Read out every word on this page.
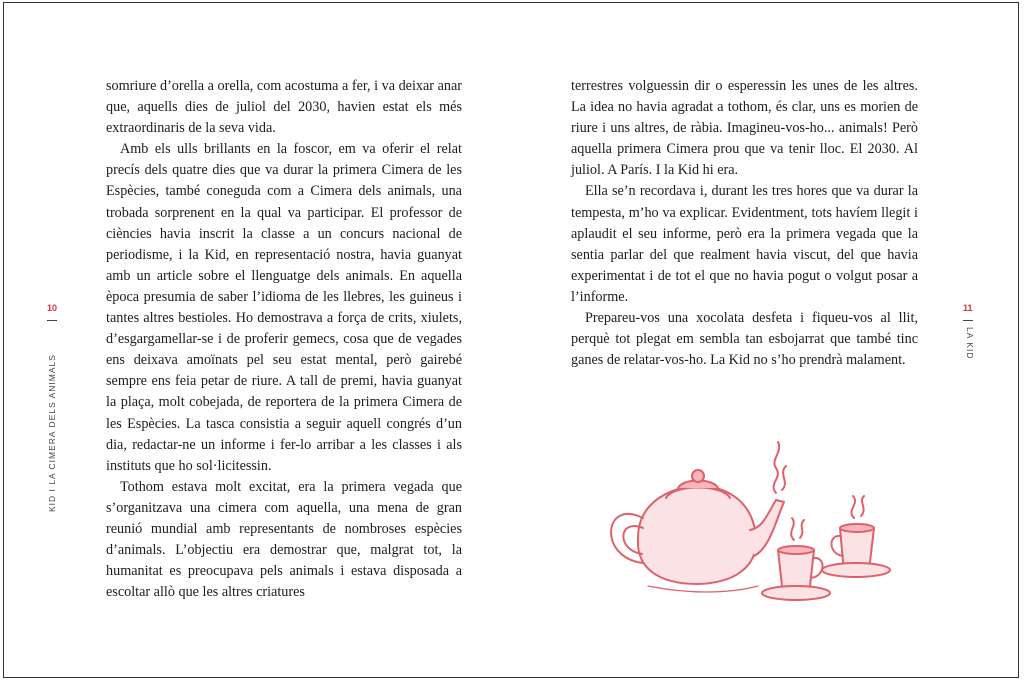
somriure d’orella a orella, com acostuma a fer, i va deixar anar que, aquells dies de juliol del 2030, havien estat els més extraordinaris de la seva vida.

Amb els ulls brillants en la foscor, em va oferir el relat precís dels quatre dies que va durar la primera Cimera de les Espècies, també coneguda com a Cimera dels animals, una trobada sorprenent en la qual va participar. El professor de ciències havia inscrit la classe a un concurs nacional de periodisme, i la Kid, en representació nostra, havia guanyat amb un article sobre el llenguatge dels animals. En aquella època presumia de saber l’idioma de les llebres, les guineus i tantes altres bestioles. Ho demostrava a força de crits, xiulets, d’esgargamellar-se i de proferir gemecs, cosa que de vegades ens deixava amoïnats pel seu estat mental, però gairebé sempre ens feia petar de riure. A tall de premi, havia guanyat la plaça, molt cobejada, de reportera de la primera Cimera de les Espècies. La tasca consistia a seguir aquell congrés d’un dia, redactar-ne un informe i fer-lo arribar a les classes i als instituts que ho sol·licitessin.

Tothom estava molt excitat, era la primera vegada que s’organitzava una cimera com aquella, una mena de gran reunió mundial amb representants de nombroses espècies d’animals. L’objectiu era demostrar que, malgrat tot, la humanitat es preocupava pels animals i estava disposada a escoltar allò que les altres criatures

10
KID I LA CIMERA DELS ANIMALS

terrestres volguessin dir o esperessin les unes de les altres. La idea no havia agradat a tothom, és clar, uns es morien de riure i uns altres, de ràbia. Imagineu-vos-ho... animals! Però aquella primera Cimera prou que va tenir lloc. El 2030. Al juliol. A París. I la Kid hi era.

Ella se’n recordava i, durant les tres hores que va durar la tempesta, m’ho va explicar. Evidentment, tots havíem llegit i aplaudit el seu informe, però era la primera vegada que la sentia parlar del que realment havia viscut, del que havia experimentat i de tot el que no havia pogut o volgut posar a l’informe.

Prepareu-vos una xocolata desfeta i fiqueu-vos al llit, perquè tot plegat em sembla tan esbojarrat que també tinc ganes de relatar-vos-ho. La Kid no s’ho prendrà malament.

11
LA KID
